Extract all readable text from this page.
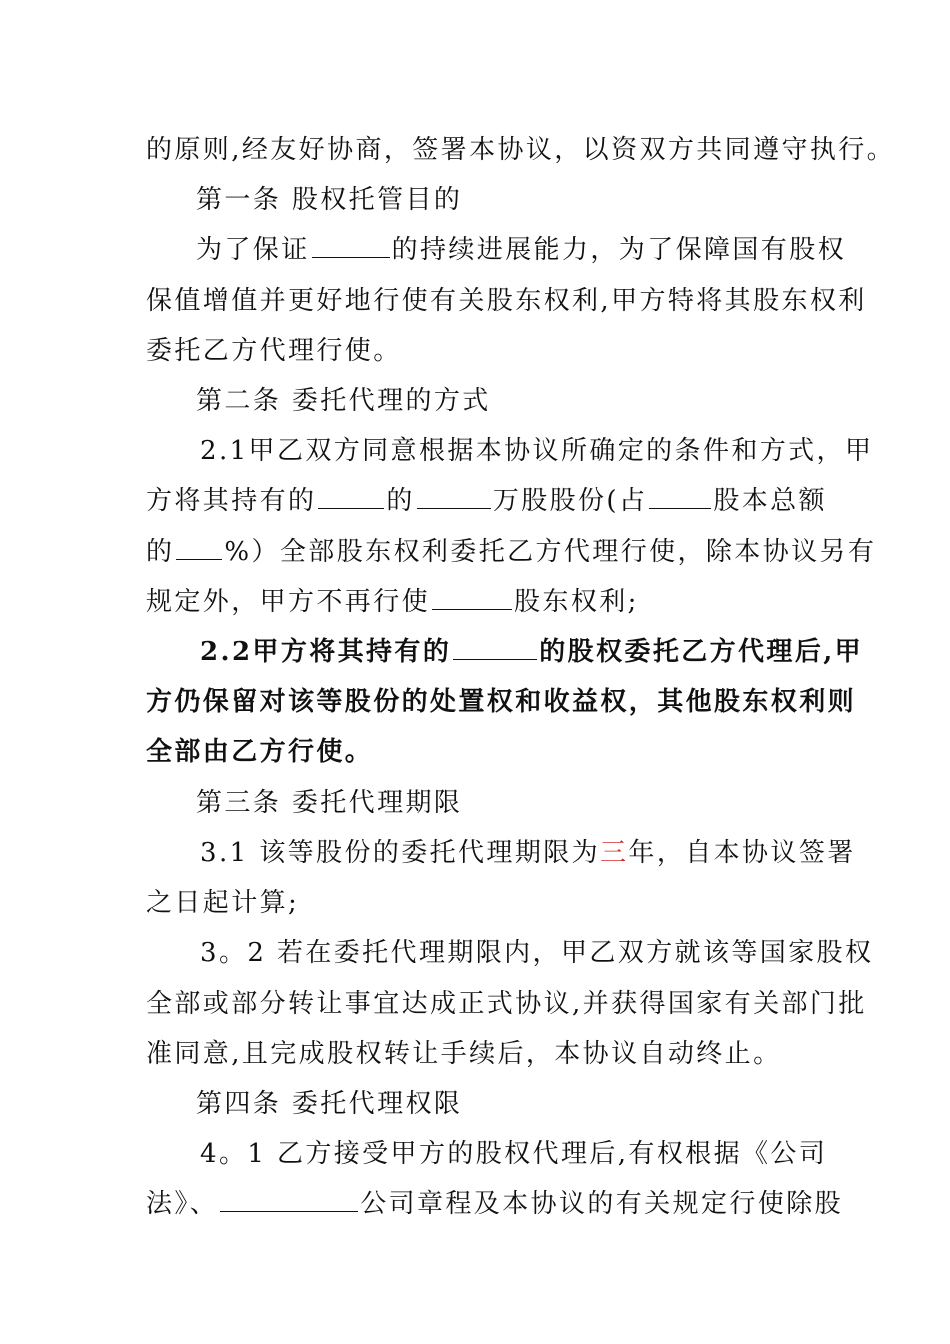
的原则,经友好协商，签署本协议，以资双方共同遵守执行。
第一条 股权托管目的
为了保证	的持续进展能力，为了保障国有股权
保值增值并更好地行使有关股东权利,甲方特将其股东权利
委托乙方代理行使。
第二条 委托代理的方式
2.1甲乙双方同意根据本协议所确定的条件和方式，甲
方将其持有的	的	万股股份(占	股本总额
的 %）全部股东权利委托乙方代理行使，除本协议另有
规定外，甲方不再行使	股东权利;
2.2甲方将其持有的	的股权委托乙方代理后,甲
方仍保留对该等股份的处置权和收益权，其他股东权利则
全部由乙方行使。
第三条 委托代理期限
3.1 该等股份的委托代理期限为三年，自本协议签署
之日起计算;
3。2 若在委托代理期限内，甲乙双方就该等国家股权
全部或部分转让事宜达成正式协议,并获得国家有关部门批
准同意,且完成股权转让手续后，本协议自动终止。
第四条 委托代理权限
4。1 乙方接受甲方的股权代理后,有权根据《公司
法》、	公司章程及本协议的有关规定行使除股
